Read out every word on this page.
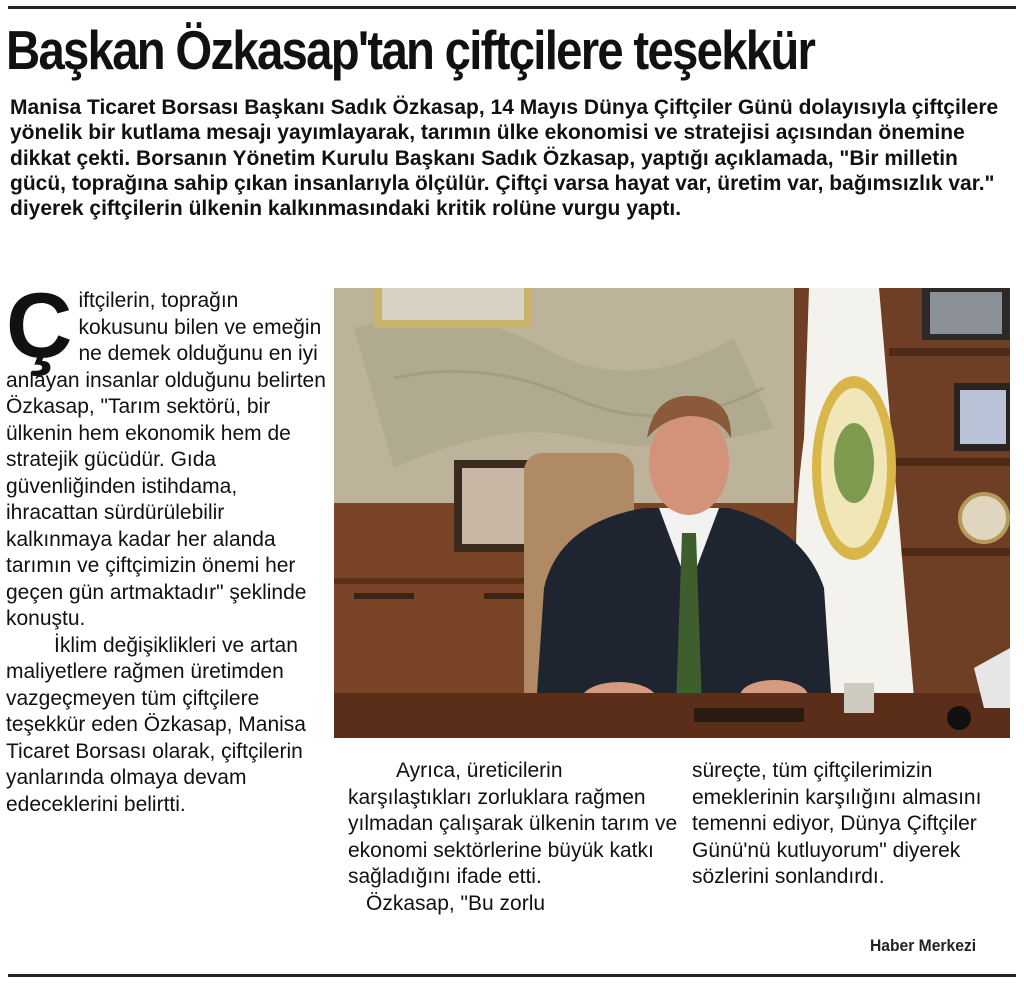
Başkan Özkasap'tan çiftçilere teşekkür

Manisa Ticaret Borsası Başkanı Sadık Özkasap, 14 Mayıs Dünya Çiftçiler Günü dolayısıyla çiftçilere yönelik bir kutlama mesajı yayımlayarak, tarımın ülke ekonomisi ve stratejisi açısından önemine dikkat çekti. Borsanın Yönetim Kurulu Başkanı Sadık Özkasap, yaptığı açıklamada, "Bir milletin gücü, toprağına sahip çıkan insanlarıyla ölçülür. Çiftçi varsa hayat var, üretim var, bağımsızlık var." diyerek çiftçilerin ülkenin kalkınmasındaki kritik rolüne vurgu yaptı.

Çiftçilerin, toprağın kokusunu bilen ve emeğin ne demek olduğunu en iyi anlayan insanlar olduğunu belirten Özkasap, "Tarım sektörü, bir ülkenin hem ekonomik hem de stratejik gücüdür. Gıda güvenliğinden istihdama, ihracattan sürdürülebilir kalkınmaya kadar her alanda tarımın ve çiftçimizin önemi her geçen gün artmaktadır" şeklinde konuştu.

İklim değişiklikleri ve artan maliyetlere rağmen üretimden vazgeçmeyen tüm çiftçilere teşekkür eden Özkasap, Manisa Ticaret Borsası olarak, çiftçilerin yanlarında olmaya devam edeceklerini belirtti.

Ayrıca, üreticilerin karşılaştıkları zorluklara rağmen yılmadan çalışarak ülkenin tarım ve ekonomi sektörlerine büyük katkı sağladığını ifade etti.

Özkasap, "Bu zorlu

süreçte, tüm çiftçilerimizin emeklerinin karşılığını almasını temenni ediyor, Dünya Çiftçiler Günü'nü kutluyorum" diyerek sözlerini sonlandırdı.

Haber Merkezi
